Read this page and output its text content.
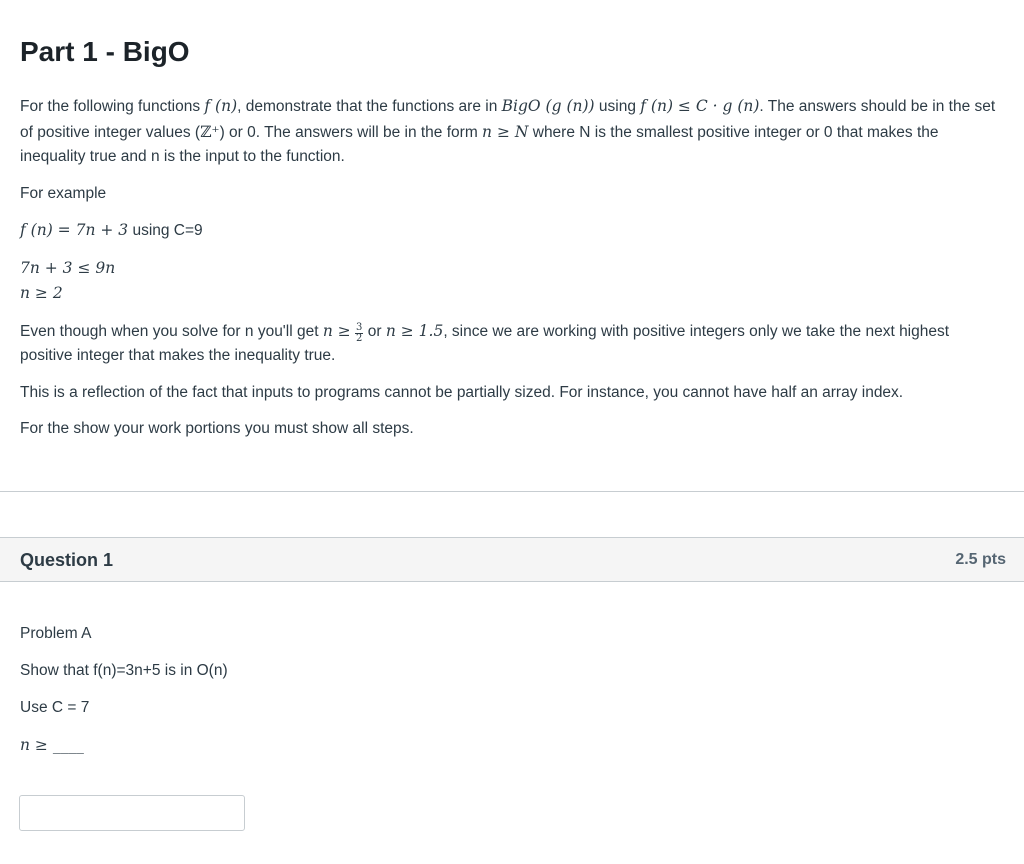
Part 1 - BigO

For the following functions f (n), demonstrate that the functions are in BigO (g (n)) using f (n) ≤ C · g (n). The answers should be in the set of positive integer values (ℤ⁺) or 0. The answers will be in the form n ≥ N where N is the smallest positive integer or 0 that makes the inequality true and n is the input to the function.

For example

f (n) = 7n + 3 using C=9

7n + 3 ≤ 9n

n ≥ 2

Even though when you solve for n you'll get $n \ge \frac{3}{2}$ or n ≥ 1.5, since we are working with positive integers only we take the next highest positive integer that makes the inequality true.

This is a reflection of the fact that inputs to programs cannot be partially sized. For instance, you cannot have half an array index.

For the show your work portions you must show all steps.

Question 1	2.5 pts

Problem A

Show that f(n)=3n+5 is in O(n)

Use C = 7

n ≥ ____
